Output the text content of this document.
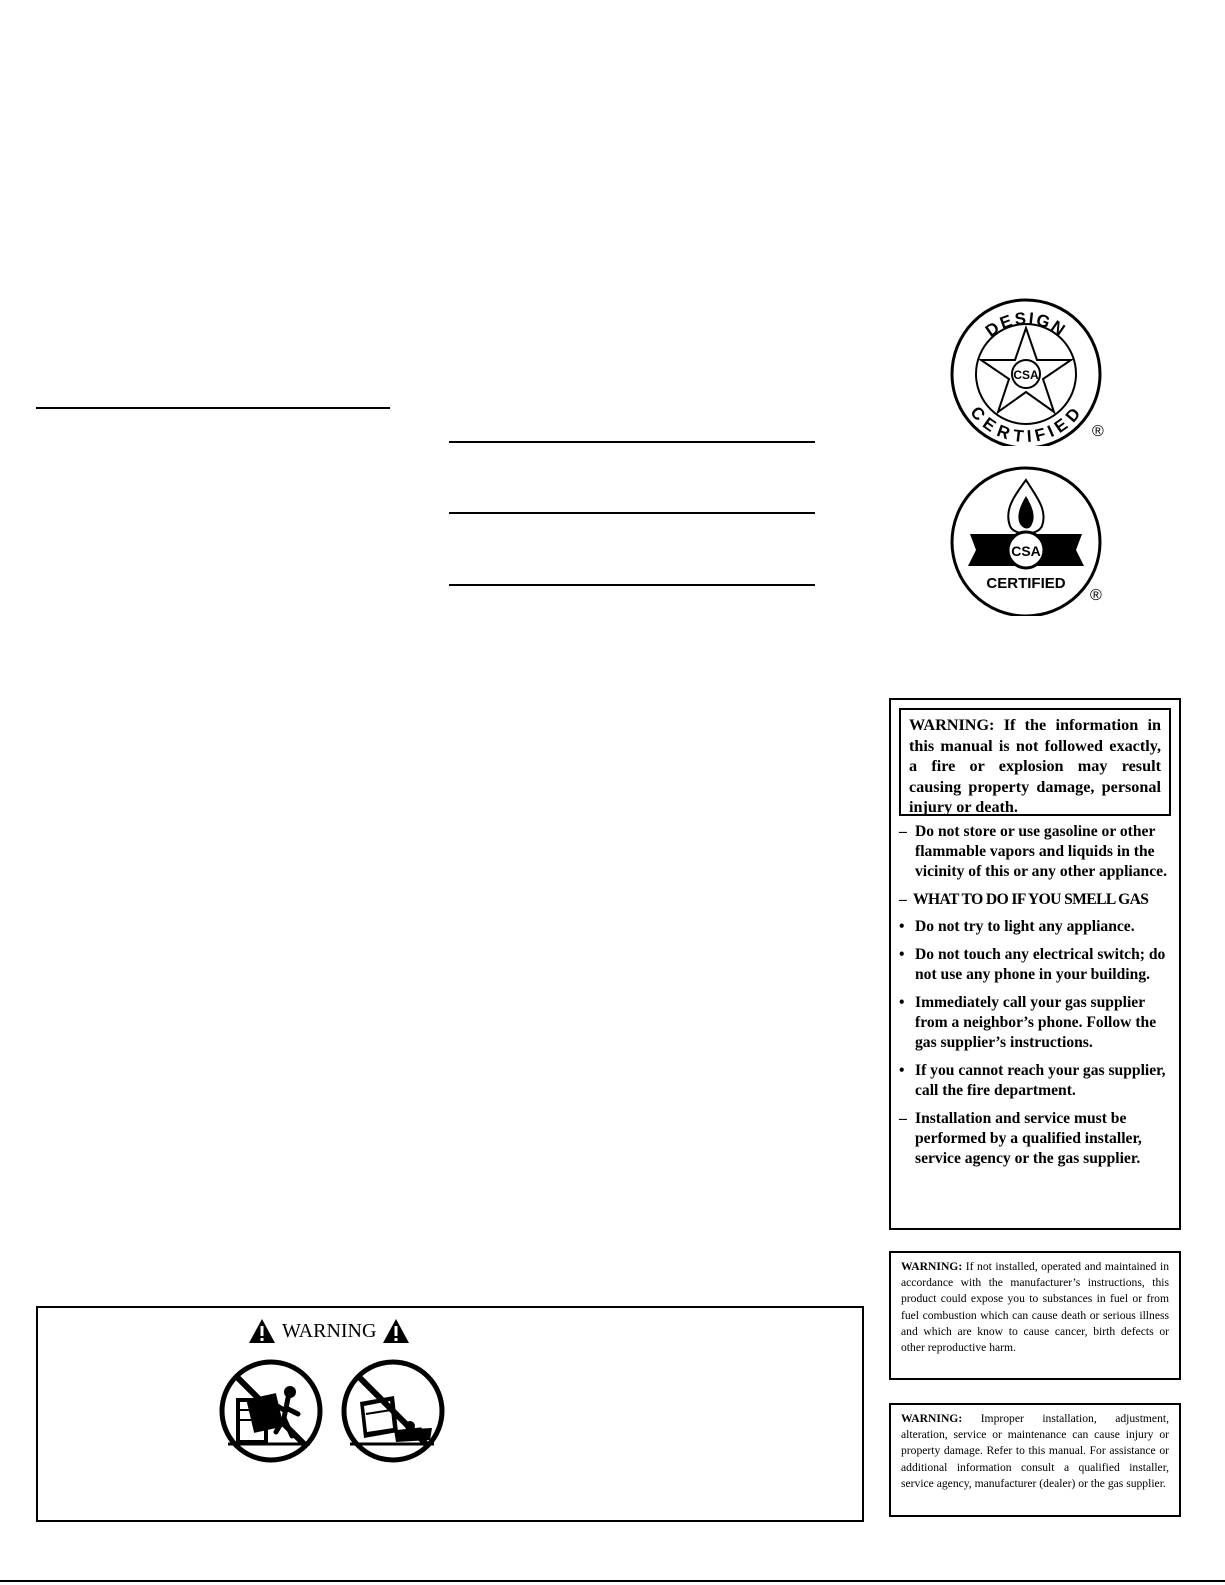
CSA
DESIGN
CERTIFIED
®
CSA
CERTIFIED
®
WARNING: If the information in this manual is not followed exactly, a fire or explosion may result causing property damage, personal injury or death.
– Do not store or use gasoline or other flammable vapors and liquids in the vicinity of this or any other appliance.
– WHAT TO DO IF YOU SMELL GAS
• Do not try to light any appliance.
• Do not touch any electrical switch; do not use any phone in your building.
• Immediately call your gas supplier from a neighbor’s phone. Follow the gas supplier’s instructions.
• If you cannot reach your gas supplier, call the fire department.
– Installation and service must be performed by a qualified installer, service agency or the gas supplier.
WARNING: If not installed, operated and maintained in accordance with the manufacturer’s instructions, this product could expose you to substances in fuel or from fuel combustion which can cause death or serious illness and which are know to cause cancer, birth defects or other reproductive harm.
WARNING: Improper installation, adjustment, alteration, service or maintenance can cause injury or property damage. Refer to this manual. For assistance or additional information consult a qualified installer, service agency, manufacturer (dealer) or the gas supplier.
WARNING
